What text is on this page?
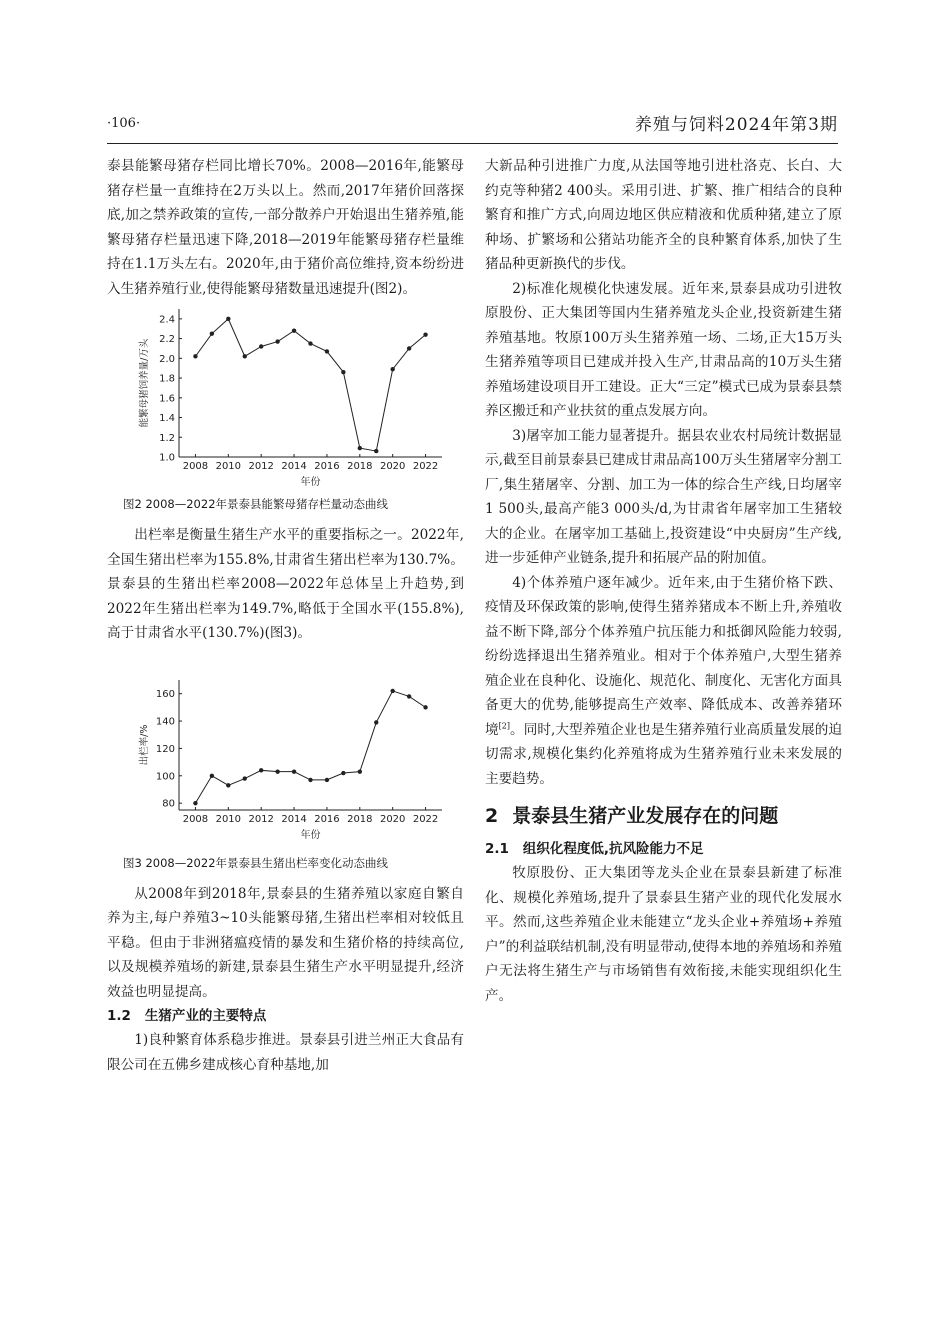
·106·	养殖与饲料2024年第3期

泰县能繁母猪存栏同比增长70%。2008—2016年,能繁母猪存栏量一直维持在2万头以上。然而,2017年猪价回落探底,加之禁养政策的宣传,一部分散养户开始退出生猪养殖,能繁母猪存栏量迅速下降,2018—2019年能繁母猪存栏量维持在1.1万头左右。2020年,由于猪价高位维持,资本纷纷进入生猪养殖行业,使得能繁母猪数量迅速提升(图2)。

1.0
1.2
1.4
1.6
1.8
2.0
2.2
2.4
2008 2010 2012 2014 2016 2018 2020 2022
年份
能繁母猪饲养量/万头
图2 2008—2022年景泰县能繁母猪存栏量动态曲线

出栏率是衡量生猪生产水平的重要指标之一。2022年,全国生猪出栏率为155.8%,甘肃省生猪出栏率为130.7%。景泰县的生猪出栏率2008—2022年总体呈上升趋势,到2022年生猪出栏率为149.7%,略低于全国水平(155.8%),高于甘肃省水平(130.7%)(图3)。

80
100
120
140
160
2008 2010 2012 2014 2016 2018 2020 2022
年份
出栏率/%
图3 2008—2022年景泰县生猪出栏率变化动态曲线

从2008年到2018年,景泰县的生猪养殖以家庭自繁自养为主,每户养殖3~10头能繁母猪,生猪出栏率相对较低且平稳。但由于非洲猪瘟疫情的暴发和生猪价格的持续高位,以及规模养殖场的新建,景泰县生猪生产水平明显提升,经济效益也明显提高。

1.2 生猪产业的主要特点

1)良种繁育体系稳步推进。景泰县引进兰州正大食品有限公司在五佛乡建成核心育种基地,加

大新品种引进推广力度,从法国等地引进杜洛克、长白、大约克等种猪2 400头。采用引进、扩繁、推广相结合的良种繁育和推广方式,向周边地区供应精液和优质种猪,建立了原种场、扩繁场和公猪站功能齐全的良种繁育体系,加快了生猪品种更新换代的步伐。

2)标准化规模化快速发展。近年来,景泰县成功引进牧原股份、正大集团等国内生猪养殖龙头企业,投资新建生猪养殖基地。牧原100万头生猪养殖一场、二场,正大15万头生猪养殖等项目已建成并投入生产,甘肃品高的10万头生猪养殖场建设项目开工建设。正大“三定”模式已成为景泰县禁养区搬迁和产业扶贫的重点发展方向。

3)屠宰加工能力显著提升。据县农业农村局统计数据显示,截至目前景泰县已建成甘肃品高100万头生猪屠宰分割工厂,集生猪屠宰、分割、加工为一体的综合生产线,日均屠宰1 500头,最高产能3 000头/d,为甘肃省年屠宰加工生猪较大的企业。在屠宰加工基础上,投资建设“中央厨房”生产线,进一步延伸产业链条,提升和拓展产品的附加值。

4)个体养殖户逐年减少。近年来,由于生猪价格下跌、疫情及环保政策的影响,使得生猪养猪成本不断上升,养殖收益不断下降,部分个体养殖户抗压能力和抵御风险能力较弱,纷纷选择退出生猪养殖业。相对于个体养殖户,大型生猪养殖企业在良种化、设施化、规范化、制度化、无害化方面具备更大的优势,能够提高生产效率、降低成本、改善养猪环境[2]。同时,大型养殖企业也是生猪养殖行业高质量发展的迫切需求,规模化集约化养殖将成为生猪养殖行业未来发展的主要趋势。

2 景泰县生猪产业发展存在的问题
2.1 组织化程度低,抗风险能力不足

牧原股份、正大集团等龙头企业在景泰县新建了标准化、规模化养殖场,提升了景泰县生猪产业的现代化发展水平。然而,这些养殖企业未能建立“龙头企业+养殖场+养殖户”的利益联结机制,没有明显带动,使得本地的养殖场和养殖户无法将生猪生产与市场销售有效衔接,未能实现组织化生产。
